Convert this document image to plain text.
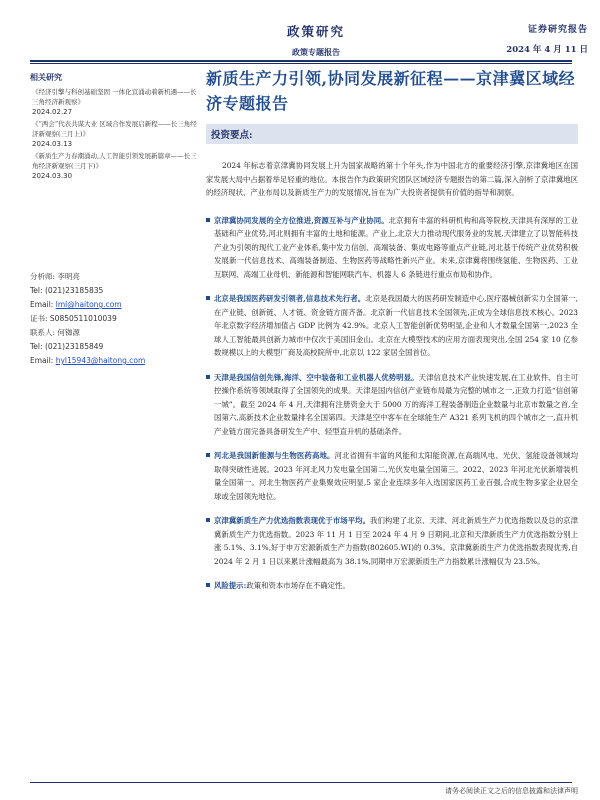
政策研究
政策专题报告
证券研究报告
2024 年 4 月 11 日
相关研究
《经济引擎与科创基础坚固 一体化宣涌动着新机遇——长三角经济新观察》
2024.02.27
《“两会”代表共谋大业 区域合作发展启新程——长三角经济新观察(三月上)》
2024.03.13
《新质生产力春潮涌动,人工智能引领发展新篇章——长三角经济新观察(三月下)》
2024.03.30
分析师: 李明亮
Tel: (021)23185835
Email: lml@haitong.com
证书: S0850511010039
联系人: 何铷源
Tel: (021)23185849
Email: hyl15943@haitong.com
新质生产力引领,协同发展新征程——京津冀区域经济专题报告
投资要点:

2024 年标志着京津冀协同发展上升为国家战略的第十个年头,作为中国北方的重要经济引擎,京津冀地区在国家发展大局中占据着举足轻重的地位。本报告作为政策研究团队区域经济专题报告的第二篇,深入剖析了京津冀地区的经济现状、产业布局以及新质生产力的发展情况,旨在为广大投资者提供有价值的指导和洞察。

京津冀协同发展的全方位推进,资源互补与产业协同。北京拥有丰富的科研机构和高等院校,天津具有深厚的工业基础和产业优势,河北则拥有丰富的土地和能源。产业上,北京大力推动现代服务业的发展,天津建立了以智能科技产业为引领的现代工业产业体系,集中发力信创、高端装备、集成电路等重点产业链,河北基于传统产业优势积极发展新一代信息技术、高端装备制造、生物医药等战略性新兴产业。未来,京津冀将围绕氢能、生物医药、工业互联网、高端工业母机、新能源和智能网联汽车、机器人 6 条链进行重点布局和协作。
北京是我国医药研发引领者,信息技术先行者。北京是我国最大的医药研发制造中心,医疗器械创新实力全国第一,在产业链、创新链、人才链、资金链方面齐备。北京新一代信息技术全国领先,正成为全球信息技术核心。2023 年北京数字经济增加值占 GDP 比例为 42.9%。北京人工智能创新优势明显,企业和人才数量全国第一,2023 全球人工智能最具创新力城市中仅次于美国旧金山。北京在大模型技术的应用方面表现突出,全国 254 家 10 亿参数规模以上的大模型厂商及高校院所中,北京以 122 家居全国首位。
天津是我国信创先锋,海洋、空中装备和工业机器人优势明显。天津信息技术产业快速发展,在工业软件、自主可控操作系统等领域取得了全国领先的成果。天津是国内信创产业链布局最为完整的城市之一,正致力打造“信创第一城”。截至 2024 年 4 月,天津拥有注册资金大于 5000 万的海洋工程装备制造企业数量与北京市数量之首,全国第六,高新技术企业数量排名全国第四。天津是空中客车在全球能生产 A321 系列飞机的四个城市之一,直升机产业链方面完备具备研发生产中、轻型直升机的基础条件。
河北是我国新能源与生物医药高地。河北省拥有丰富的风能和太阳能资源,在高端风电、光伏、氢能设备领域均取得突破性进展。2023 年河北风力发电量全国第二,光伏发电量全国第三。2022、2023 年河北光伏新增装机量全国第一。河北生物医药产业集聚效应明显,5 家企业连续多年入选国家医药工业百强,合成生物多家企业居全球或全国领先地位。
京津冀新质生产力优选指数表现优于市场平均。我们构建了北京、天津、河北新质生产力优选指数以及总的京津冀新质生产力优选指数。2023 年 11 月 1 日至 2024 年 4 月 9 日期间,北京和天津新质生产力优选指数分别上涨 5.1%、3.1%,好于申万宏源新质生产力指数(802605.WI)的 0.3%。京津冀新质生产力优选指数表现优秀,自 2024 年 2 月 1 日以来累计涨幅最高为 38.1%,同期申万宏源新质生产力指数累计涨幅仅为 23.5%。
风险提示:政策和资本市场存在不确定性。
请务必阅读正文之后的信息披露和法律声明
